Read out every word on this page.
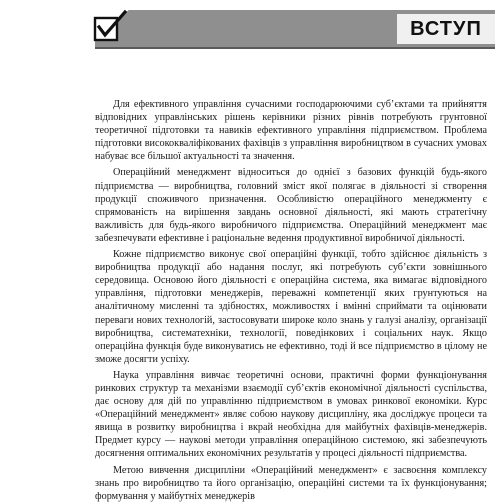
ВСТУП

Для ефективного управління сучасними господарюючими суб’єктами та прийняття відповідних управлінських рішень керівники різних рівнів потребують грунтовної теоретичної підготовки та навиків ефективного управління підприємством. Проблема підготовки висококваліфікованих фахівців з управління виробництвом в сучасних умовах набуває все більшої актуальності та значення.

Операційний менеджмент відноситься до однієї з базових функцій будь-якого підприємства — виробництва, головний зміст якої полягає в діяльності зі створення продукції споживчого призначення. Особливістю операційного менеджменту є спрямованість на вирішення завдань основної діяльності, які мають стратегічну важливість для будь-якого виробничого підприємства. Операційний менеджмент має забезпечувати ефективне і раціональне ведення продуктивної виробничої діяльності.

Кожне підприємство виконує свої операційні функції, тобто здійснює діяльність з виробництва продукції або надання послуг, які потребують суб’єкти зовнішнього середовища. Основою його діяльності є операційна система, яка вимагає відповідного управління, підготовки менеджерів, переважні компетенції яких грунтуються на аналітичному мисленні та здібностях, можливостях і вмінні сприймати та оцінювати переваги нових технологій, застосовувати широке коло знань у галузі аналізу, організації виробництва, систематехніки, технології, поведінкових і соціальних наук. Якщо операційна функція буде виконуватись не ефективно, тоді й все підприємство в цілому не зможе досягти успіху.

Наука управління вивчає теоретичні основи, практичні форми функціонування ринкових структур та механізми взаємодії суб’єктів економічної діяльності суспільства, дає основу для дій по управлінню підприємством в умовах ринкової економіки. Курс «Операційний менеджмент» являє собою наукову дисципліну, яка досліджує процеси та явища в розвитку виробництва і вкрай необхідна для майбутніх фахівців-менеджерів. Предмет курсу — наукові методи управління операційною системою, які забезпечують досягнення оптимальних економічних результатів у процесі діяльності підприємства.

Метою вивчення дисципліни «Операційний менеджмент» є засвоєння комплексу знань про виробництво та його організацію, операційні системи та їх функціонування; формування у майбутніх менеджерів
